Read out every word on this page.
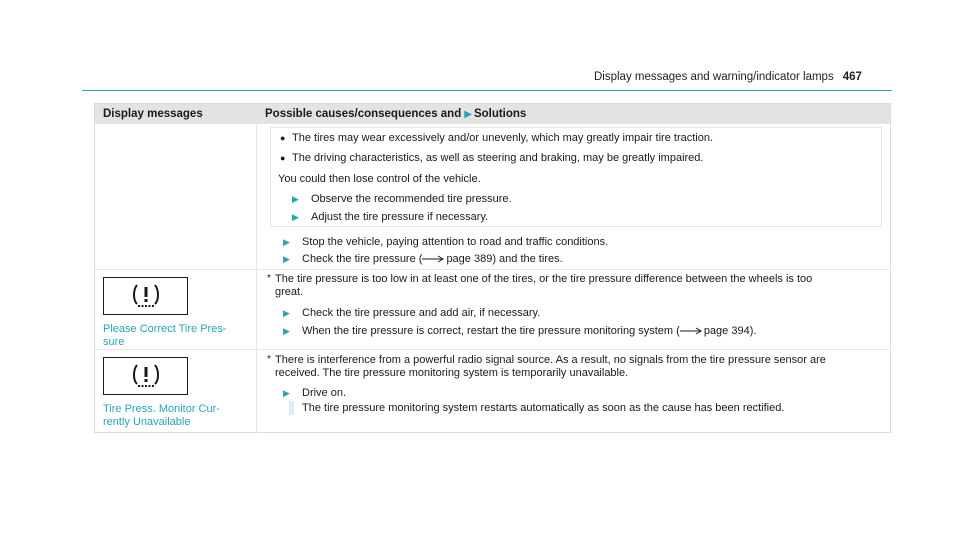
Display messages and warning/indicator lamps 467
Display messages	Possible causes/consequences and ▶ Solutions
● The tires may wear excessively and/or unevenly, which may greatly impair tire traction.
● The driving characteristics, as well as steering and braking, may be greatly impaired.
You could then lose control of the vehicle.
▶ Observe the recommended tire pressure.
▶ Adjust the tire pressure if necessary.
▶ Stop the vehicle, paying attention to road and traffic conditions.
▶ Check the tire pressure ( page 389) and the tires.
Please Correct Tire Pres-
sure
* The tire pressure is too low in at least one of the tires, or the tire pressure difference between the wheels is too
great.
▶ Check the tire pressure and add air, if necessary.
▶ When the tire pressure is correct, restart the tire pressure monitoring system ( page 394).
Tire Press. Monitor Cur-
rently Unavailable
* There is interference from a powerful radio signal source. As a result, no signals from the tire pressure sensor are
received. The tire pressure monitoring system is temporarily unavailable.
▶ Drive on.
The tire pressure monitoring system restarts automatically as soon as the cause has been rectified.
